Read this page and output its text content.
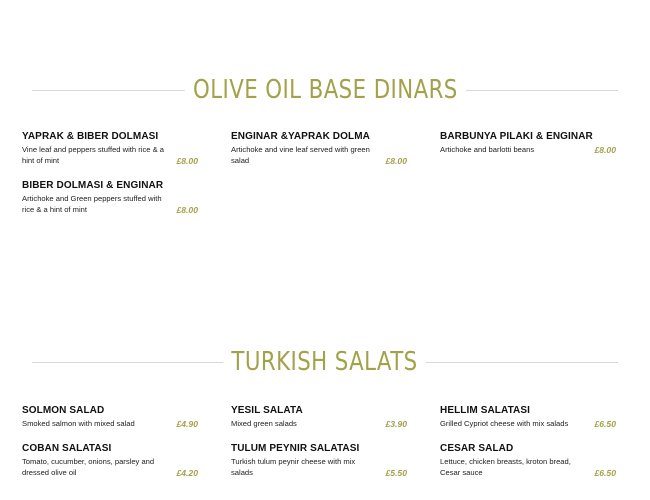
OLIVE OIL BASE DINARS
YAPRAK & BIBER DOLMASI
Vine leaf and peppers stuffed with rice & a hint of mint	£8.00
BIBER DOLMASI & ENGINAR
Artichoke and Green peppers stuffed with rice & a hint of mint	£8.00
ENGINAR &YAPRAK DOLMA
Artichoke and vine leaf served with green salad	£8.00
BARBUNYA PILAKI & ENGINAR
Artichoke and barlotti beans	£8.00
TURKISH SALATS
SOLMON SALAD
Smoked salmon with mixed salad	£4.90
COBAN SALATASI
Tomato, cucumber, onions, parsley and dressed olive oil	£4.20
YESIL SALATA
Mixed green salads	£3.90
TULUM PEYNIR SALATASI
Turkish tulum peynir cheese with mix salads	£5.50
HELLIM SALATASI
Grilled Cypriot cheese with mix salads	£6.50
CESAR SALAD
Lettuce, chicken breasts, kroton bread, Cesar sauce	£6.50
